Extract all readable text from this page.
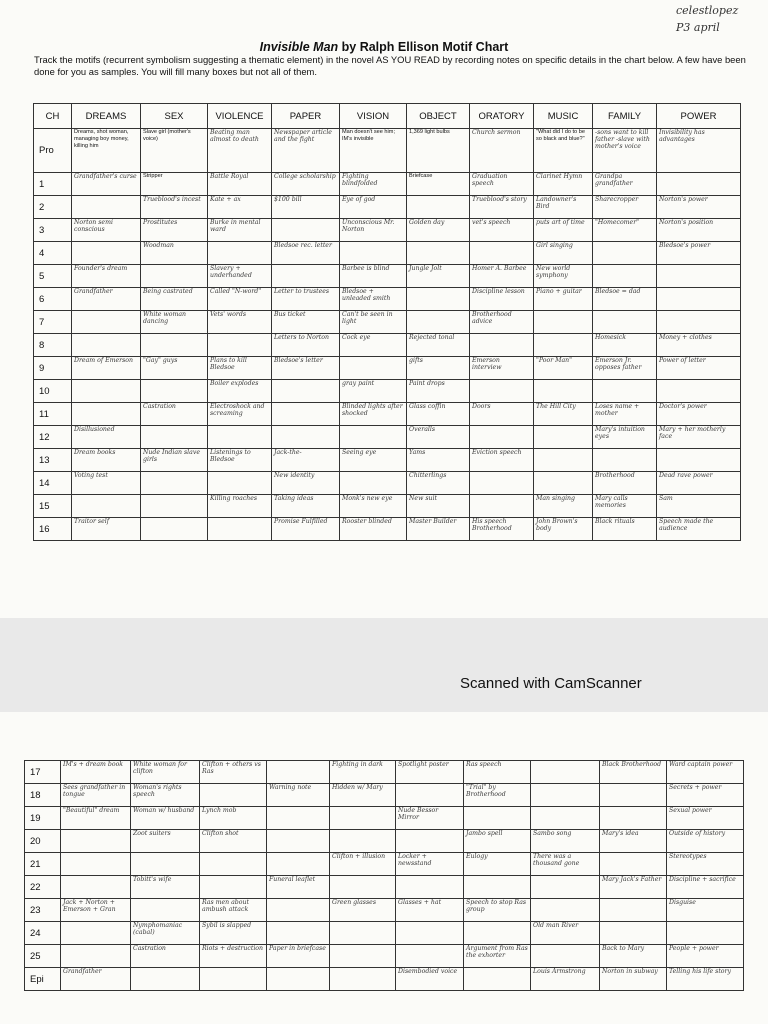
celestlopez
P3 april
Invisible Man by Ralph Ellison Motif Chart
Track the motifs (recurrent symbolism suggesting a thematic element) in the novel AS YOU READ by recording notes on specific details in the chart below. A few have been done for you as samples. You will fill many boxes but not all of them.
CH	DREAMS	SEX	VIOLENCE	PAPER	VISION	OBJECT	ORATORY	MUSIC	FAMILY	POWER
Pro	Dreams, shot woman, managing boy money, killing him	Slave girl (mother's voice)	Beating man almost to death	Newspaper article and the fight	Man doesn't see him; IM's invisible	1,369 light bulbs	Church sermon	"What did I do to be so black and blue?"	-sons want to kill father -slave with mother's voice	Invisibility has advantages
1	Grandfather's curse	Stripper	Battle Royal	College scholarship	Fighting blindfolded	Briefcase	Graduation speech	Clarinet Hymn	Grandpa grandfather	
2		Trueblood's incest	Kate + ax	$100 bill	Eye of god		Trueblood's story	Landowner's Bird	Sharecropper	Norton's power
3	Norton semi conscious	Prostitutes	Burke in mental ward		Unconscious Mr. Norton	Golden day	vet's speech	puts art of time	"Homecomer"	Norton's position
4		Woodman		Bledsoe rec. letter				Girl singing		Bledsoe's power
5	Founder's dream		Slavery + underhanded		Barbee is blind	Jungle Jolt	Homer A. Barbee	New world symphony		
6	Grandfather	Being castrated	Called "N-word"	Letter to trustees	Bledsoe + unleaded smith		Discipline lesson	Piano + guitar	Bledsoe = dad	
7		White woman dancing	Vets' words	Bus ticket	Can't be seen in light		Brotherhood advice			
8				Letters to Norton	Cock eye	Rejected tonal			Homesick	Money + clothes
9	Dream of Emerson	"Gay" guys	Plans to kill Bledsoe	Bledsoe's letter		gifts	Emerson interview	"Poor Man"	Emerson Jr. opposes father	Power of letter
10			Boiler explodes		gray paint	Paint drops				
11		Castration	Electroshock and screaming		Blinded lights after shocked	Glass coffin	Doors	The Hill City	Loses name + mother	Doctor's power
12	Disillusioned					Overalls			Mary's intuition eyes	Mary + her motherly face
13	Dream books	Nude Indian slave girls	Listenings to Bledsoe	Jack-the-	Seeing eye	Yams	Eviction speech			
14	Voting test			New identity		Chitterlings			Brotherhood	Dead rave power
15			Killing roaches	Taking ideas	Monk's new eye	New suit		Man singing	Mary calls memories	Sam
16	Traitor self			Promise Fulfilled	Rooster blinded	Master Builder	His speech Brotherhood	John Brown's body	Black rituals	Speech made the audience
Scanned with CamScanner
17	IM's + dream book	White woman for clifton	Clifton + others vs Ras		Fighting in dark	Spotlight poster	Ras speech		Black Brotherhood	Ward captain power
18	Sees grandfather in tongue	Woman's rights speech		Warning note	Hidden w/ Mary		"Trial" by Brotherhood			Secrets + power
19	"Beautiful" dream	Woman w/ husband	Lynch mob			Nude Bessor Mirror				Sexual power
20		Zoot suiters	Clifton shot				Jambo spell	Sambo song	Mary's idea	Outside of history
21					Clifton + illusion	Locker + newsstand	Eulogy	There was a thousand gone		Stereotypes
22		Tobitt's wife		Funeral leaflet					Mary Jack's Father	Discipline + sacrifice
23	Jack + Norton + Emerson + Gran		Ras men about ambush attack		Green glasses	Glasses + hat	Speech to stop Ras group			Disguise
24		Nymphomaniac (cabal)	Sybil is slapped					Old man River		
25		Castration	Riots + destruction	Paper in briefcase			Argument from Ras the exhorter		Back to Mary	People + power
Epi	Grandfather					Disembodied voice		Louis Armstrong	Norton in subway	Telling his life story
